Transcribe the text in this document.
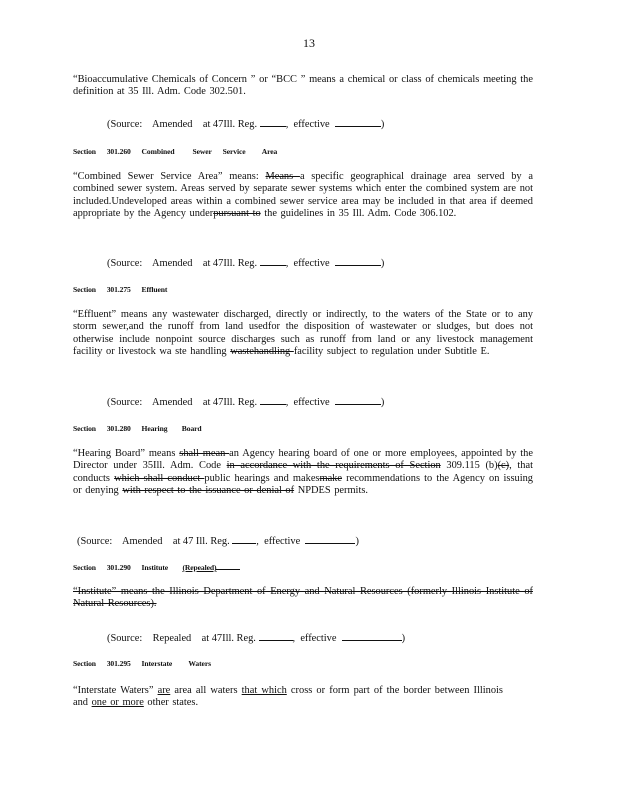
13
“Bioaccumulative Chemicals of Concern ” or “BCC ” means a chemical or class of chemicals meeting the definition at 35 Ill. Adm. Code 302.501.
(Source: Amended at 47Ill. Reg.	,  effective	)
Section 301.260 Combined Sewer Service Area
“Combined Sewer Service Area” means: Means a specific geographical drainage area served by a combined sewer system. Areas served by separate sewer systems which enter the combined system are not included.Undeveloped areas within a combined sewer service area may be included in that area if deemed appropriate by the Agency underpursuant to the guidelines in 35 Ill. Adm. Code 306.102.
(Source: Amended at 47Ill. Reg.	,  effective	)
Section 301.275 Effluent
“Effluent” means any wastewater discharged, directly or indirectly, to the waters of the State or to any storm sewer,and the runoff from land usedfor the disposition of wastewater or sludges, but does not otherwise include nonpoint source discharges such as runoff from land or any livestock management facility or livestock wa ste handling wastehandling facility subject to regulation under Subtitle E.
(Source: Amended at 47Ill. Reg.	,  effective	)
Section 301.280 Hearing Board
“Hearing Board” means shall mean an Agency hearing board of one or more employees, appointed by the Director under 35Ill. Adm. Code in accordance with the requirements of Section 309.115 (b)(c), that conducts which shall conduct public hearings and makesmake recommendations to the Agency on issuing or denying with respect to the issuance or denial of NPDES permits.
(Source: Amended at 47 Ill. Reg.	,  effective	)
Section 301.290 Institute (Repealed)
“Institute” means the Illinois Department of Energy and Natural Resources (formerly Illinois Institute of Natural Resources).
(Source: Repealed at 47Ill. Reg.	,  effective	)
Section 301.295 Interstate Waters
“Interstate Waters” are area all waters that which cross or form part of the border between Illinois and one or more other states.
